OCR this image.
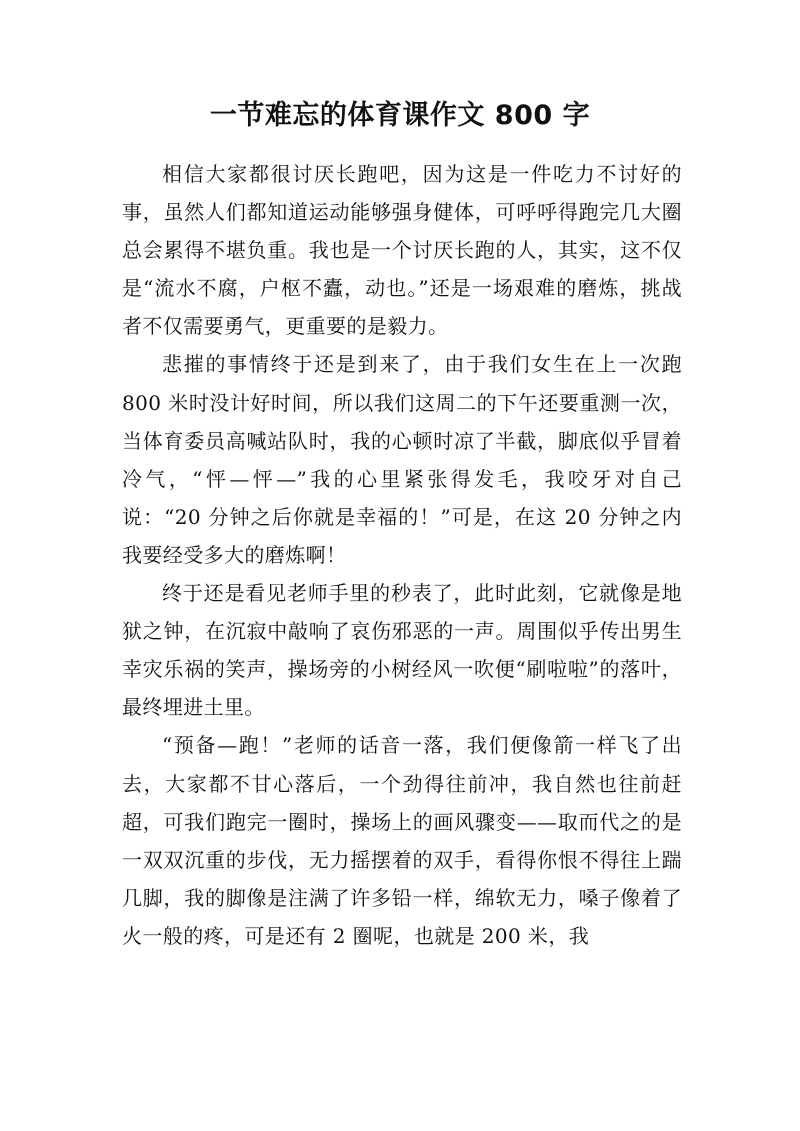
一节难忘的体育课作文 800 字

相信大家都很讨厌长跑吧，因为这是一件吃力不讨好的事，虽然人们都知道运动能够强身健体，可呼呼得跑完几大圈总会累得不堪负重。我也是一个讨厌长跑的人，其实，这不仅是“流水不腐，户枢不蠹，动也。”还是一场艰难的磨炼，挑战者不仅需要勇气，更重要的是毅力。

悲摧的事情终于还是到来了，由于我们女生在上一次跑 800 米时没计好时间，所以我们这周二的下午还要重测一次，当体育委员高喊站队时，我的心顿时凉了半截，脚底似乎冒着冷气，“怦—怦—”我的心里紧张得发毛，我咬牙对自己说：“20 分钟之后你就是幸福的！”可是，在这 20 分钟之内我要经受多大的磨炼啊！

终于还是看见老师手里的秒表了，此时此刻，它就像是地狱之钟，在沉寂中敲响了哀伤邪恶的一声。周围似乎传出男生幸灾乐祸的笑声，操场旁的小树经风一吹便“刷啦啦”的落叶，最终埋进土里。

“预备—跑！”老师的话音一落，我们便像箭一样飞了出去，大家都不甘心落后，一个劲得往前冲，我自然也往前赶超，可我们跑完一圈时，操场上的画风骤变——取而代之的是一双双沉重的步伐，无力摇摆着的双手，看得你恨不得往上踹几脚，我的脚像是注满了许多铅一样，绵软无力，嗓子像着了火一般的疼，可是还有 2 圈呢，也就是 200 米，我
